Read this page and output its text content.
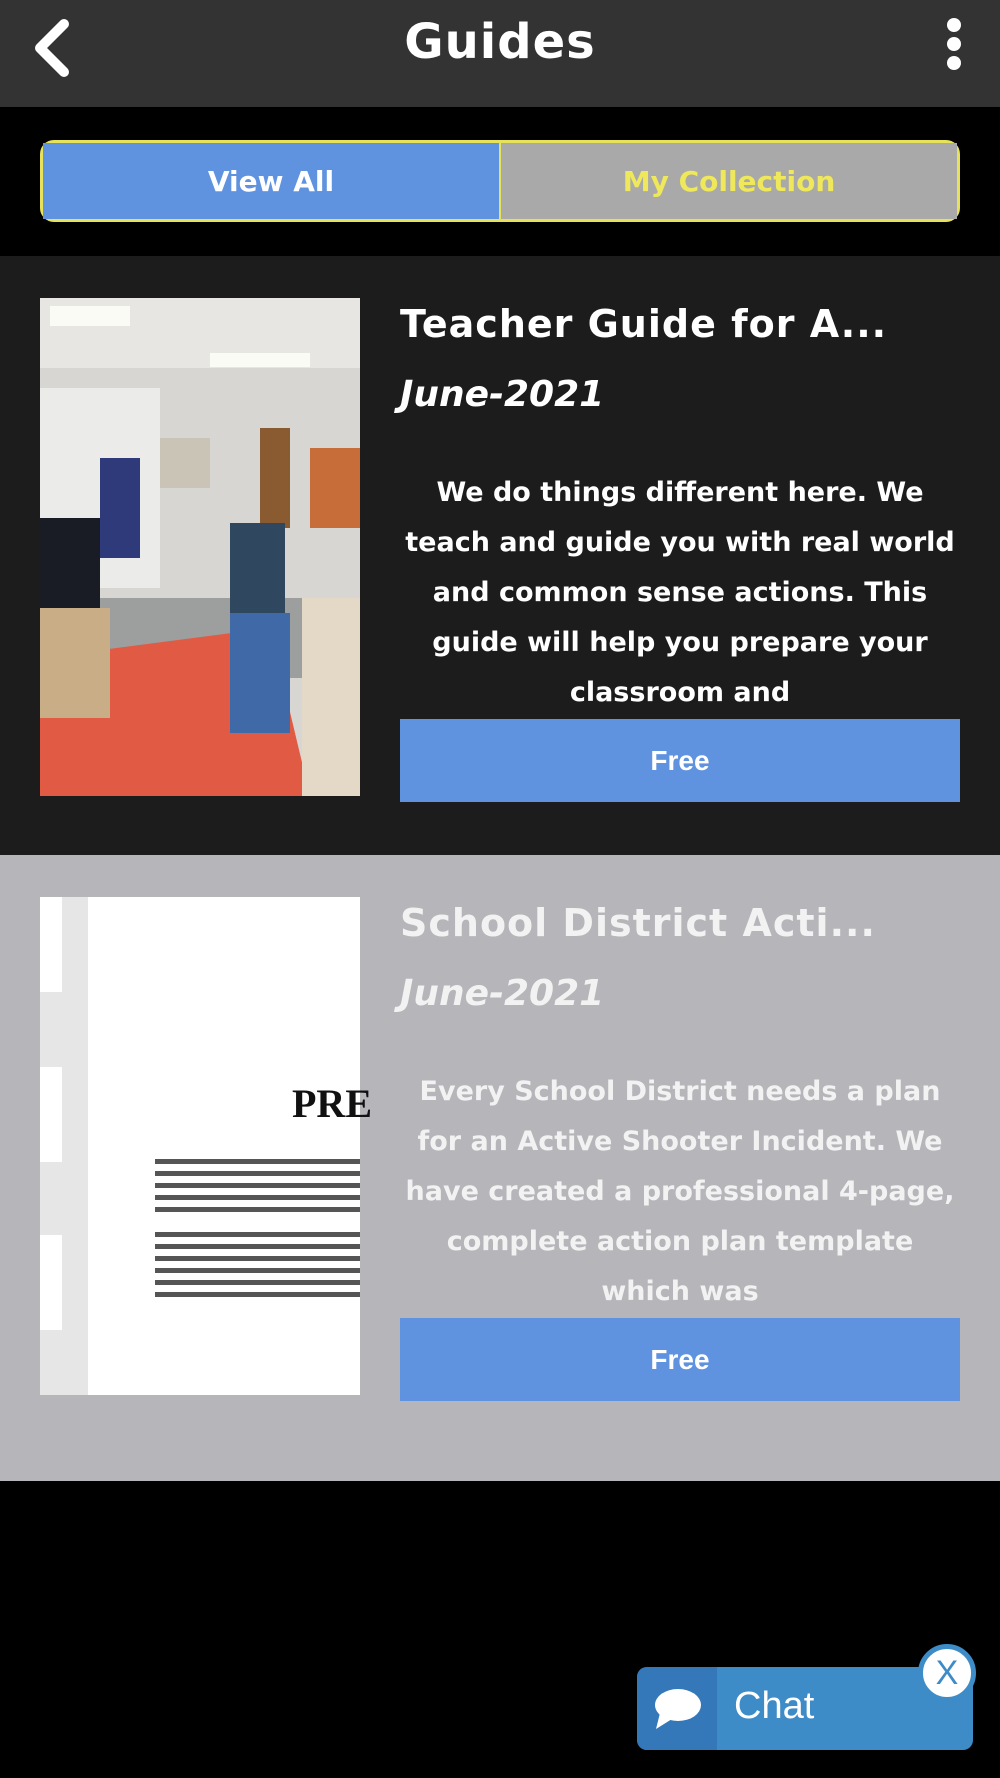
Guides
View All	My Collection
Teacher Guide for A...
June-2021
We do things different here. We teach and guide you with real world and common sense actions. This guide will help you prepare your classroom and
Free
PRE
School District Acti...
June-2021
Every School District needs a plan for an Active Shooter Incident. We have created a professional 4-page, complete action plan template which was
Free
Chat
X
